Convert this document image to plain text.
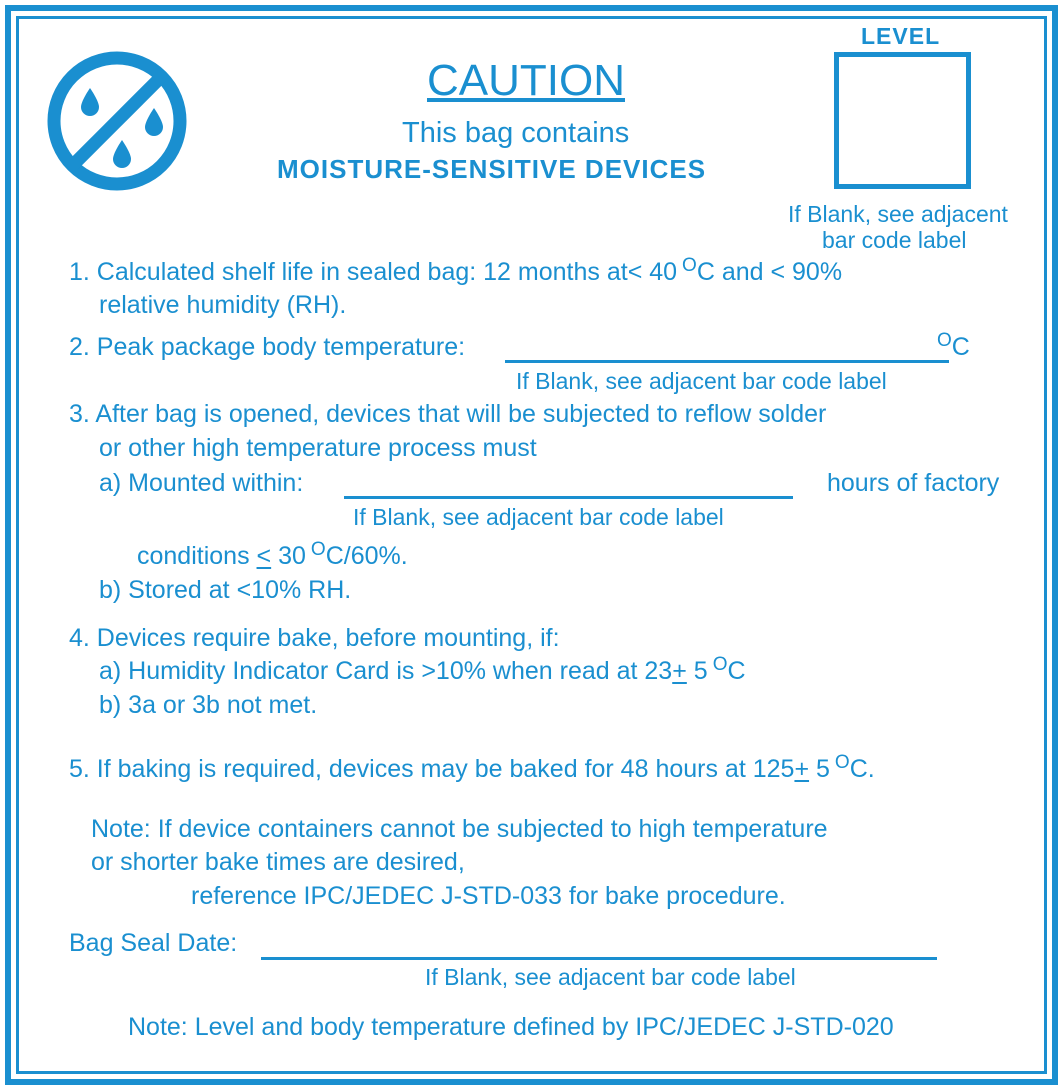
CAUTION
This bag contains
MOISTURE-SENSITIVE DEVICES
LEVEL
If Blank, see adjacent
bar code label
1. Calculated shelf life in sealed bag: 12 months at< 40 $^O$C and < 90%
relative humidity (RH).
2. Peak package body temperature:	$^O$C
If Blank, see adjacent bar code label
3. After bag is opened, devices that will be subjected to reflow solder
or other high temperature process must
a) Mounted within:	hours of factory
If Blank, see adjacent bar code label
conditions < 30 $^O$C/60%.
b) Stored at <10% RH.
4. Devices require bake, before mounting, if:
a) Humidity Indicator Card is >10% when read at 23+ 5 $^O$C
b) 3a or 3b not met.
5. If baking is required, devices may be baked for 48 hours at 125+ 5 $^O$C.
Note: If device containers cannot be subjected to high temperature
or shorter bake times are desired,
reference IPC/JEDEC J-STD-033 for bake procedure.
Bag Seal Date:
If Blank, see adjacent bar code label
Note: Level and body temperature defined by IPC/JEDEC J-STD-020
